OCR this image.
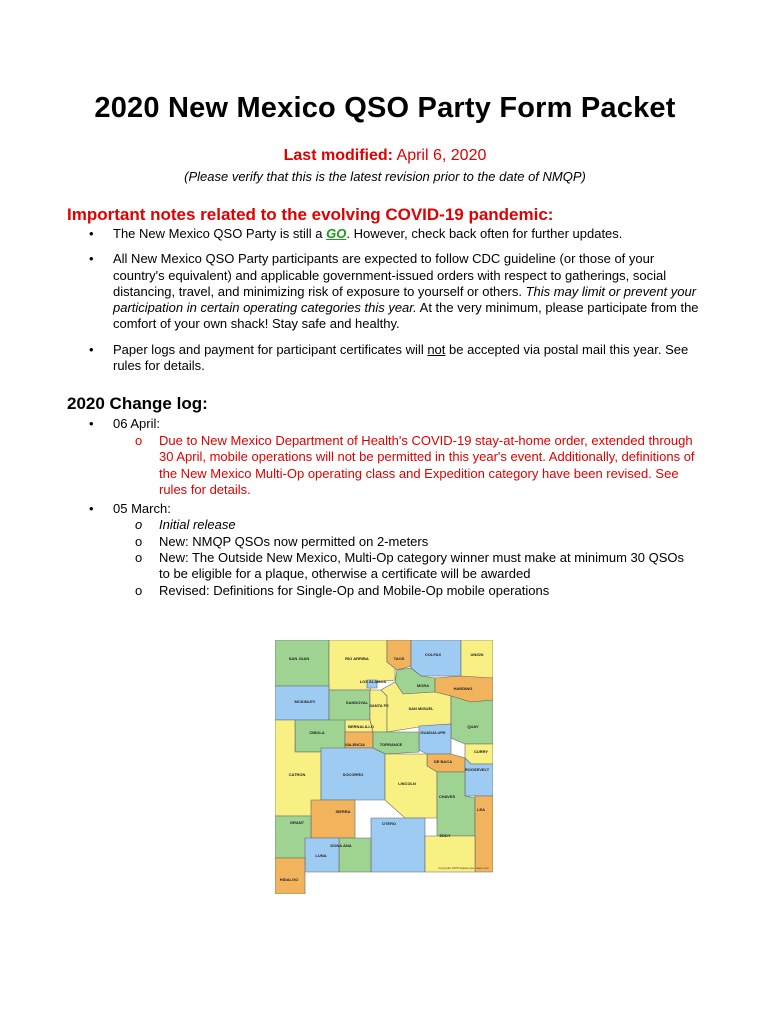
2020 New Mexico QSO Party Form Packet
Last modified: April 6, 2020
(Please verify that this is the latest revision prior to the date of NMQP)
Important notes related to the evolving COVID-19 pandemic:
• The New Mexico QSO Party is still a GO. However, check back often for further updates.
• All New Mexico QSO Party participants are expected to follow CDC guideline (or those of your country's equivalent) and applicable government-issued orders with respect to gatherings, social distancing, travel, and minimizing risk of exposure to yourself or others. This may limit or prevent your participation in certain operating categories this year. At the very minimum, please participate from the comfort of your own shack! Stay safe and healthy.
• Paper logs and payment for participant certificates will not be accepted via postal mail this year. See rules for details.
2020 Change log:
• 06 April:
o Due to New Mexico Department of Health's COVID-19 stay-at-home order, extended through 30 April, mobile operations will not be permitted in this year's event. Additionally, definitions of the New Mexico Multi-Op operating class and Expedition category have been revised. See rules for details.
• 05 March:
o Initial release
o New: NMQP QSOs now permitted on 2-meters
o New: The Outside New Mexico, Multi-Op category winner must make at minimum 30 QSOs to be eligible for a plaque, otherwise a certificate will be awarded
o Revised: Definitions for Single-Op and Mobile-Op mobile operations
SAN JUAN	RIO ARRIBA	TAOS
COLFAX	UNION
LOS ALAMOS
MORA
HARDING
MCKINLEY	SANDOVAL
SANTA FE
SAN MIGUEL
QUAY
BERNALILLO
CIBOLA	GUADALUPE
VALENCIA	TORRANCE
CURRY
DE BACA
ROOSEVELT
CATRON	SOCORRO
LINCOLN
CHAVES
SIERRA	LEA
GRANT	OTERO
EDDY
DONA ANA
LUNA
HIDALGO
Copyright 2005 digital-topo-maps.com
